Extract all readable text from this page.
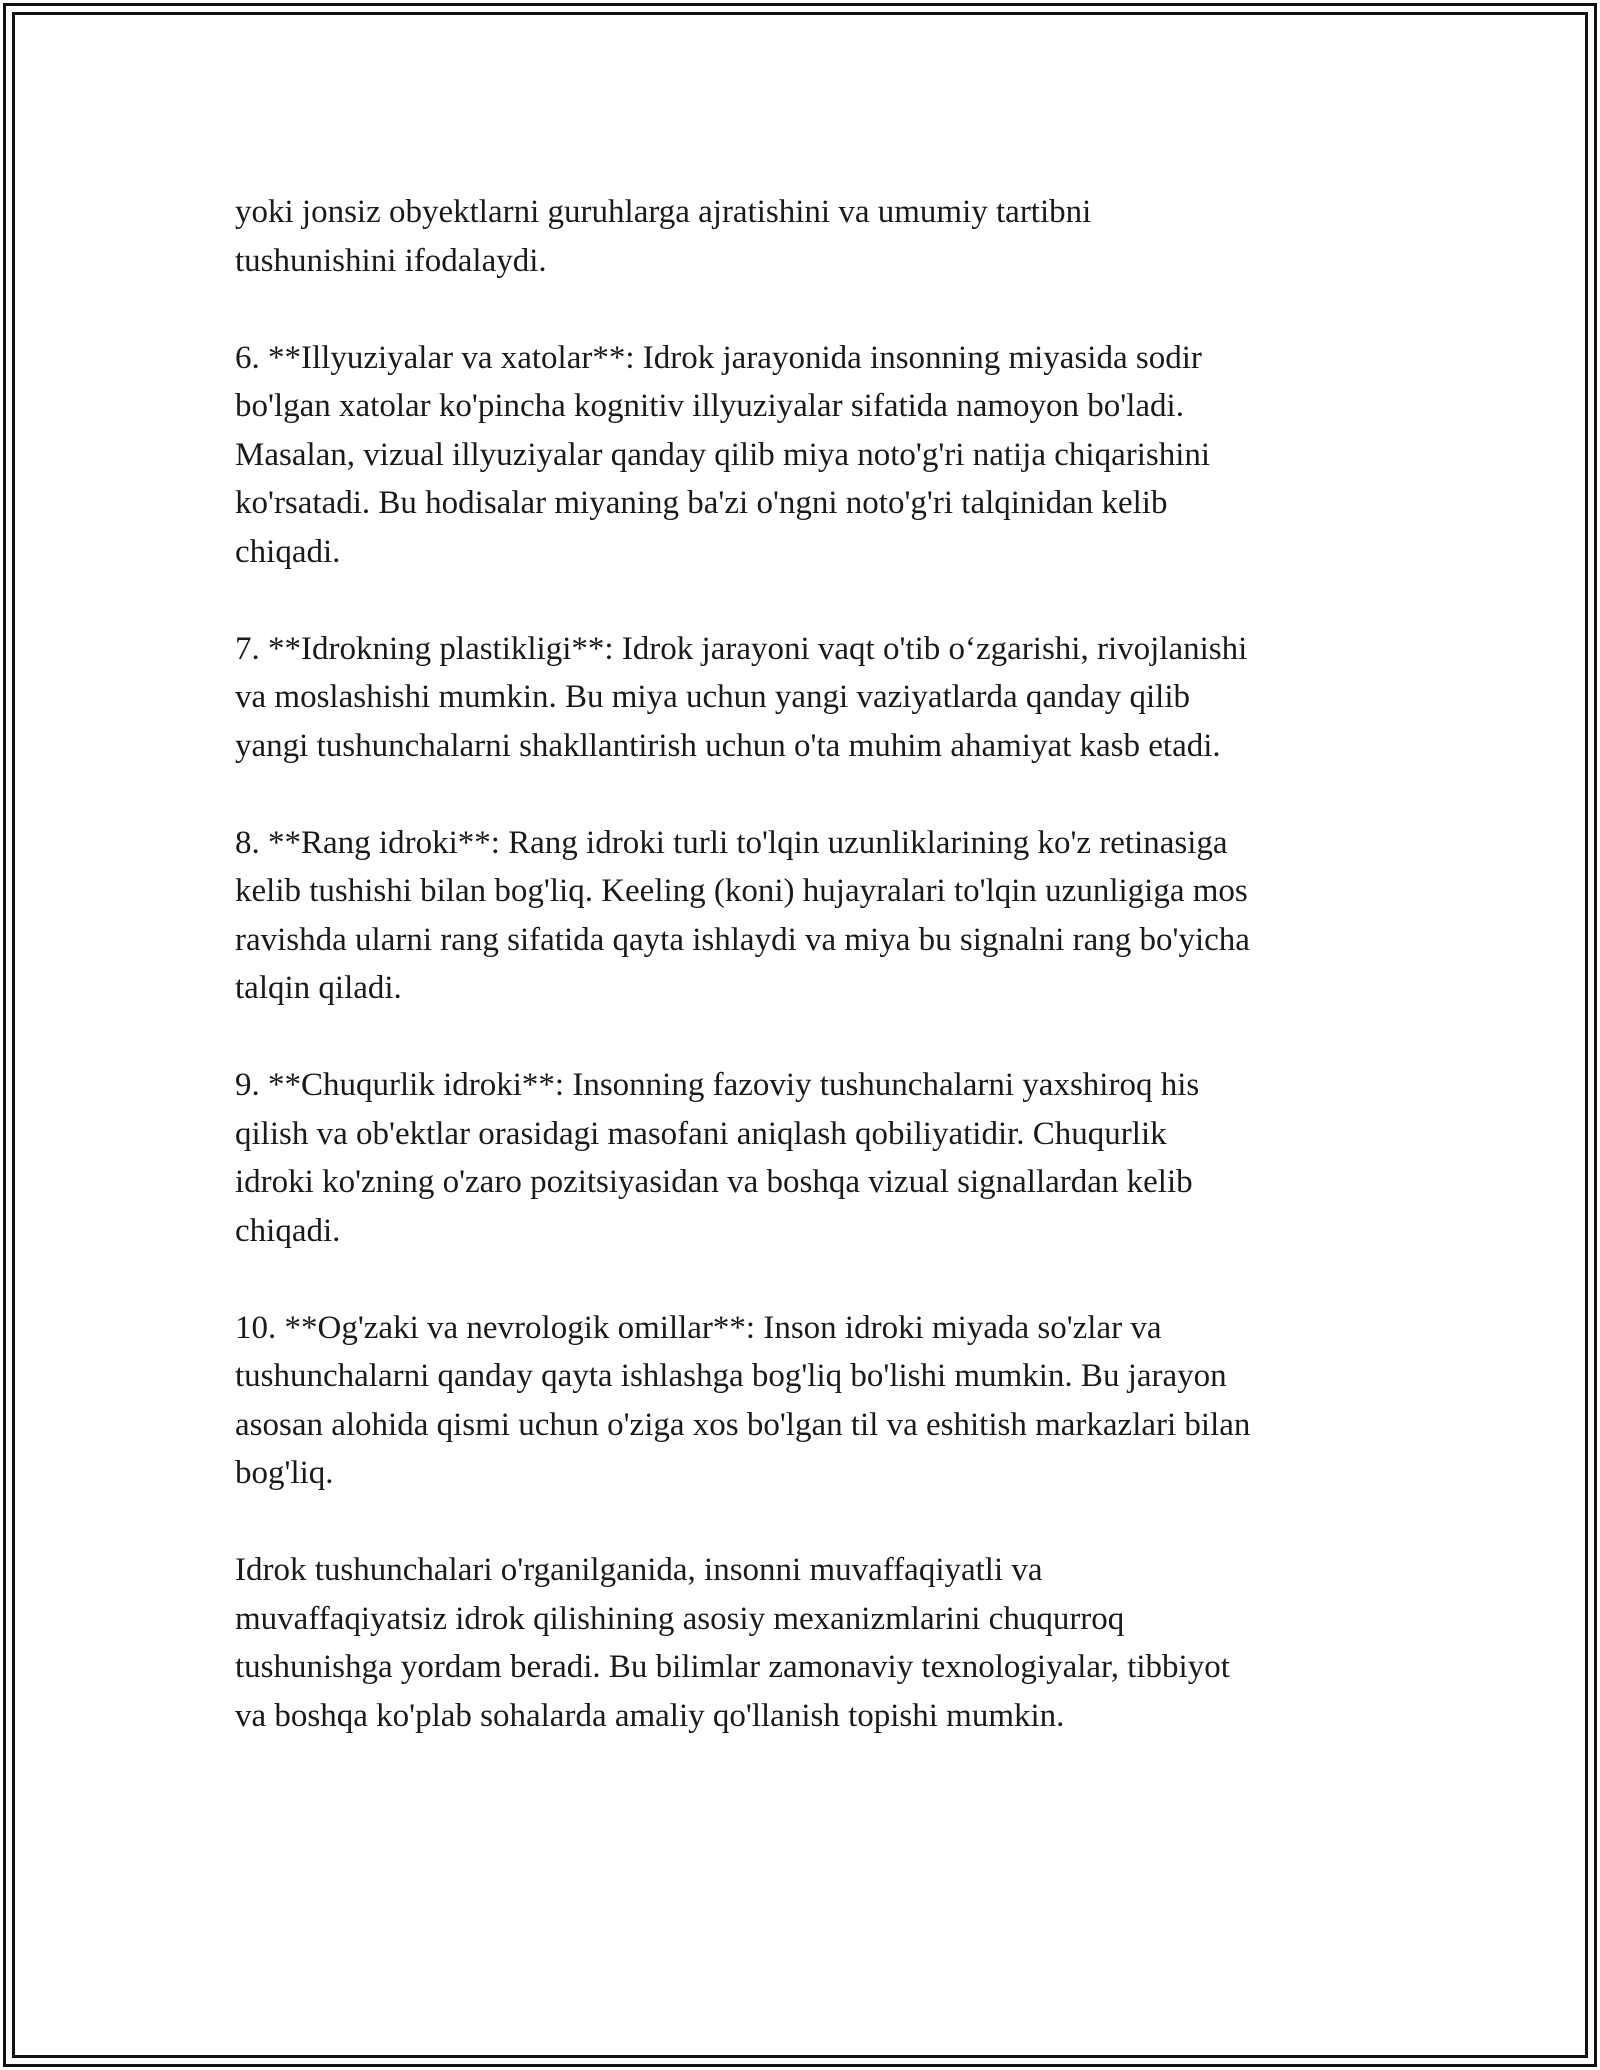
yoki jonsiz obyektlarni guruhlarga ajratishini va umumiy tartibni
tushunishini ifodalaydi.

6. **Illyuziyalar va xatolar**: Idrok jarayonida insonning miyasida sodir
bo'lgan xatolar ko'pincha kognitiv illyuziyalar sifatida namoyon bo'ladi.
Masalan, vizual illyuziyalar qanday qilib miya noto'g'ri natija chiqarishini
ko'rsatadi. Bu hodisalar miyaning ba'zi o'ngni noto'g'ri talqinidan kelib
chiqadi.

7. **Idrokning plastikligi**: Idrok jarayoni vaqt o'tib o‘zgarishi, rivojlanishi
va moslashishi mumkin. Bu miya uchun yangi vaziyatlarda qanday qilib
yangi tushunchalarni shakllantirish uchun o'ta muhim ahamiyat kasb etadi.

8. **Rang idroki**: Rang idroki turli to'lqin uzunliklarining ko'z retinasiga
kelib tushishi bilan bog'liq. Keeling (koni) hujayralari to'lqin uzunligiga mos
ravishda ularni rang sifatida qayta ishlaydi va miya bu signalni rang bo'yicha
talqin qiladi.

9. **Chuqurlik idroki**: Insonning fazoviy tushunchalarni yaxshiroq his
qilish va ob'ektlar orasidagi masofani aniqlash qobiliyatidir. Chuqurlik
idroki ko'zning o'zaro pozitsiyasidan va boshqa vizual signallardan kelib
chiqadi.

10. **Og'zaki va nevrologik omillar**: Inson idroki miyada so'zlar va
tushunchalarni qanday qayta ishlashga bog'liq bo'lishi mumkin. Bu jarayon
asosan alohida qismi uchun o'ziga xos bo'lgan til va eshitish markazlari bilan
bog'liq.

Idrok tushunchalari o'rganilganida, insonni muvaffaqiyatli va
muvaffaqiyatsiz idrok qilishining asosiy mexanizmlarini chuqurroq
tushunishga yordam beradi. Bu bilimlar zamonaviy texnologiyalar, tibbiyot
va boshqa ko'plab sohalarda amaliy qo'llanish topishi mumkin.
